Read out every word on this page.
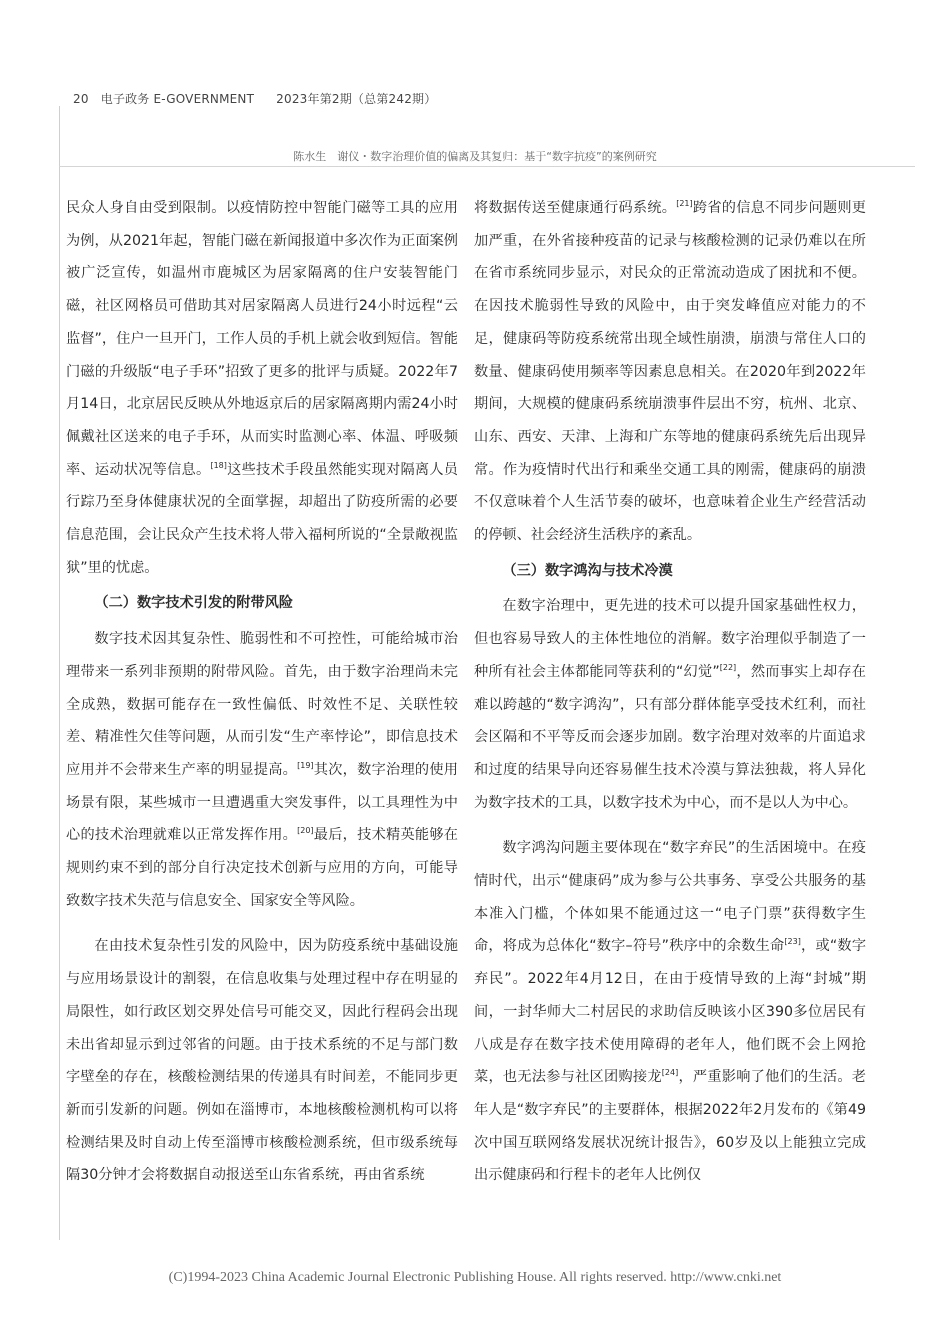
20 电子政务 E-GOVERNMENT 2023年第2期（总第242期）
陈水生　谢仪・数字治理价值的偏离及其复归：基于“数字抗疫”的案例研究

民众人身自由受到限制。以疫情防控中智能门磁等工具的应用为例，从2021年起，智能门磁在新闻报道中多次作为正面案例被广泛宣传，如温州市鹿城区为居家隔离的住户安装智能门磁，社区网格员可借助其对居家隔离人员进行24小时远程“云监督”，住户一旦开门，工作人员的手机上就会收到短信。智能门磁的升级版“电子手环”招致了更多的批评与质疑。2022年7月14日，北京居民反映从外地返京后的居家隔离期内需24小时佩戴社区送来的电子手环，从而实时监测心率、体温、呼吸频率、运动状况等信息。[18]这些技术手段虽然能实现对隔离人员行踪乃至身体健康状况的全面掌握，却超出了防疫所需的必要信息范围，会让民众产生技术将人带入福柯所说的“全景敞视监狱”里的忧虑。

（二）数字技术引发的附带风险

数字技术因其复杂性、脆弱性和不可控性，可能给城市治理带来一系列非预期的附带风险。首先，由于数字治理尚未完全成熟，数据可能存在一致性偏低、时效性不足、关联性较差、精准性欠佳等问题，从而引发“生产率悖论”，即信息技术应用并不会带来生产率的明显提高。[19]其次，数字治理的使用场景有限，某些城市一旦遭遇重大突发事件，以工具理性为中心的技术治理就难以正常发挥作用。[20]最后，技术精英能够在规则约束不到的部分自行决定技术创新与应用的方向，可能导致数字技术失范与信息安全、国家安全等风险。

在由技术复杂性引发的风险中，因为防疫系统中基础设施与应用场景设计的割裂，在信息收集与处理过程中存在明显的局限性，如行政区划交界处信号可能交叉，因此行程码会出现未出省却显示到过邻省的问题。由于技术系统的不足与部门数字壁垒的存在，核酸检测结果的传递具有时间差，不能同步更新而引发新的问题。例如在淄博市，本地核酸检测机构可以将检测结果及时自动上传至淄博市核酸检测系统，但市级系统每隔30分钟才会将数据自动报送至山东省系统，再由省系统

将数据传送至健康通行码系统。[21]跨省的信息不同步问题则更加严重，在外省接种疫苗的记录与核酸检测的记录仍难以在所在省市系统同步显示，对民众的正常流动造成了困扰和不便。在因技术脆弱性导致的风险中，由于突发峰值应对能力的不足，健康码等防疫系统常出现全域性崩溃，崩溃与常住人口的数量、健康码使用频率等因素息息相关。在2020年到2022年期间，大规模的健康码系统崩溃事件层出不穷，杭州、北京、山东、西安、天津、上海和广东等地的健康码系统先后出现异常。作为疫情时代出行和乘坐交通工具的刚需，健康码的崩溃不仅意味着个人生活节奏的破坏，也意味着企业生产经营活动的停顿、社会经济生活秩序的紊乱。

（三）数字鸿沟与技术冷漠

在数字治理中，更先进的技术可以提升国家基础性权力，但也容易导致人的主体性地位的消解。数字治理似乎制造了一种所有社会主体都能同等获利的“幻觉”[22]，然而事实上却存在难以跨越的“数字鸿沟”，只有部分群体能享受技术红利，而社会区隔和不平等反而会逐步加剧。数字治理对效率的片面追求和过度的结果导向还容易催生技术冷漠与算法独裁，将人异化为数字技术的工具，以数字技术为中心，而不是以人为中心。

数字鸿沟问题主要体现在“数字弃民”的生活困境中。在疫情时代，出示“健康码”成为参与公共事务、享受公共服务的基本准入门槛，个体如果不能通过这一“电子门票”获得数字生命，将成为总体化“数字–符号”秩序中的余数生命[23]，或“数字弃民”。2022年4月12日，在由于疫情导致的上海“封城”期间，一封华师大二村居民的求助信反映该小区390多位居民有八成是存在数字技术使用障碍的老年人，他们既不会上网抢菜，也无法参与社区团购接龙[24]，严重影响了他们的生活。老年人是“数字弃民”的主要群体，根据2022年2月发布的《第49次中国互联网络发展状况统计报告》，60岁及以上能独立完成出示健康码和行程卡的老年人比例仅

(C)1994-2023 China Academic Journal Electronic Publishing House. All rights reserved. http://www.cnki.net
